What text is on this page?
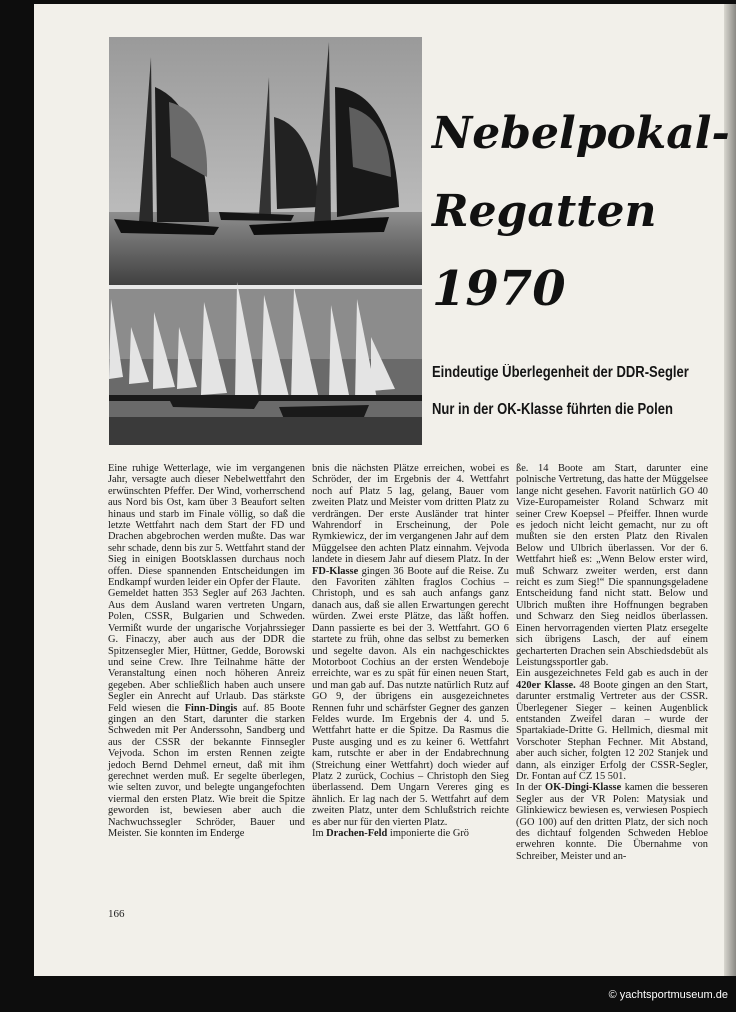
Nebelpokal-
Regatten
1970
Eindeutige Überlegenheit der DDR-Segler
Nur in der OK-Klasse führten die Polen

Eine ruhige Wetterlage, wie im vergangenen Jahr, versagte auch dieser Nebelwettfahrt den erwünschten Pfeffer. Der Wind, vorherrschend aus Nord bis Ost, kam über 3 Beaufort selten hinaus und starb im Finale völlig, so daß die letzte Wettfahrt nach dem Start der FD und Drachen abgebrochen werden mußte. Das war sehr schade, denn bis zur 5. Wettfahrt stand der Sieg in einigen Bootsklassen durchaus noch offen. Diese spannenden Entscheidungen im Endkampf wurden leider ein Opfer der Flaute.

Gemeldet hatten 353 Segler auf 263 Jachten. Aus dem Ausland waren vertreten Ungarn, Polen, CSSR, Bulgarien und Schweden. Vermißt wurde der ungarische Vorjahrssieger G. Finaczy, aber auch aus der DDR die Spitzensegler Mier, Hüttner, Gedde, Borowski und seine Crew. Ihre Teilnahme hätte der Veranstaltung einen noch höheren Anreiz gegeben. Aber schließlich haben auch unsere Segler ein Anrecht auf Urlaub. Das stärkste Feld wiesen die Finn-Dingis auf. 85 Boote gingen an den Start, darunter die starken Schweden mit Per Anderssohn, Sandberg und aus der CSSR der bekannte Finnsegler Vejvoda. Schon im ersten Rennen zeigte jedoch Bernd Dehmel erneut, daß mit ihm gerechnet werden muß. Er segelte überlegen, wie selten zuvor, und belegte ungangefochten viermal den ersten Platz. Wie breit die Spitze geworden ist, bewiesen aber auch die Nachwuchssegler Schröder, Bauer und Meister. Sie konnten im Enderge

bnis die nächsten Plätze erreichen, wobei es Schröder, der im Ergebnis der 4. Wettfahrt noch auf Platz 5 lag, gelang, Bauer vom zweiten Platz und Meister vom dritten Platz zu verdrängen. Der erste Ausländer trat hinter Wahrendorf in Erscheinung, der Pole Rymkiewicz, der im vergangenen Jahr auf dem Müggelsee den achten Platz einnahm. Vejvoda landete in diesem Jahr auf diesem Platz. In der FD-Klasse gingen 36 Boote auf die Reise. Zu den Favoriten zählten fraglos Cochius – Christoph, und es sah auch anfangs ganz danach aus, daß sie allen Erwartungen gerecht würden. Zwei erste Plätze, das läßt hoffen. Dann passierte es bei der 3. Wettfahrt. GO 6 startete zu früh, ohne das selbst zu bemerken und segelte davon. Als ein nachgeschicktes Motorboot Cochius an der ersten Wendeboje erreichte, war es zu spät für einen neuen Start, und man gab auf. Das nutzte natürlich Rutz auf GO 9, der übrigens ein ausgezeichnetes Rennen fuhr und schärfster Gegner des ganzen Feldes wurde. Im Ergebnis der 4. und 5. Wettfahrt hatte er die Spitze. Da Rasmus die Puste ausging und es zu keiner 6. Wettfahrt kam, rutschte er aber in der Endabrechnung (Streichung einer Wettfahrt) doch wieder auf Platz 2 zurück, Cochius – Christoph den Sieg überlassend. Dem Ungarn Vereres ging es ähnlich. Er lag nach der 5. Wettfahrt auf dem zweiten Platz, unter dem Schlußstrich reichte es aber nur für den vierten Platz.

Im Drachen-Feld imponierte die Grö

ße. 14 Boote am Start, darunter eine polnische Vertretung, das hatte der Müggelsee lange nicht gesehen. Favorit natürlich GO 40 Vize-Europameister Roland Schwarz mit seiner Crew Koepsel – Pfeiffer. Ihnen wurde es jedoch nicht leicht gemacht, nur zu oft mußten sie den ersten Platz den Rivalen Below und Ulbrich überlassen. Vor der 6. Wettfahrt hieß es: „Wenn Below erster wird, muß Schwarz zweiter werden, erst dann reicht es zum Sieg!“ Die spannungsgeladene Entscheidung fand nicht statt. Below und Ulbrich mußten ihre Hoffnungen begraben und Schwarz den Sieg neidlos überlassen. Einen hervorragenden vierten Platz ersegelte sich übrigens Lasch, der auf einem gecharterten Drachen sein Abschiedsdebüt als Leistungssportler gab.

Ein ausgezeichnetes Feld gab es auch in der 420er Klasse. 48 Boote gingen an den Start, darunter erstmalig Vertreter aus der CSSR. Überlegener Sieger – keinen Augenblick entstanden Zweifel daran – wurde der Spartakiade-Dritte G. Hellmich, diesmal mit Vorschoter Stephan Fechner. Mit Abstand, aber auch sicher, folgten 12 202 Stanjek und dann, als einziger Erfolg der CSSR-Segler, Dr. Fontan auf CZ 15 501.

In der OK-Dingi-Klasse kamen die besseren Segler aus der VR Polen: Matysiak und Glinkiewicz bewiesen es, verwiesen Pospiech (GO 100) auf den dritten Platz, der sich noch des dichtauf folgenden Schweden Hebloe erwehren konnte. Die Übernahme von Schreiber, Meister und an-

166
© yachtsportmuseum.de
